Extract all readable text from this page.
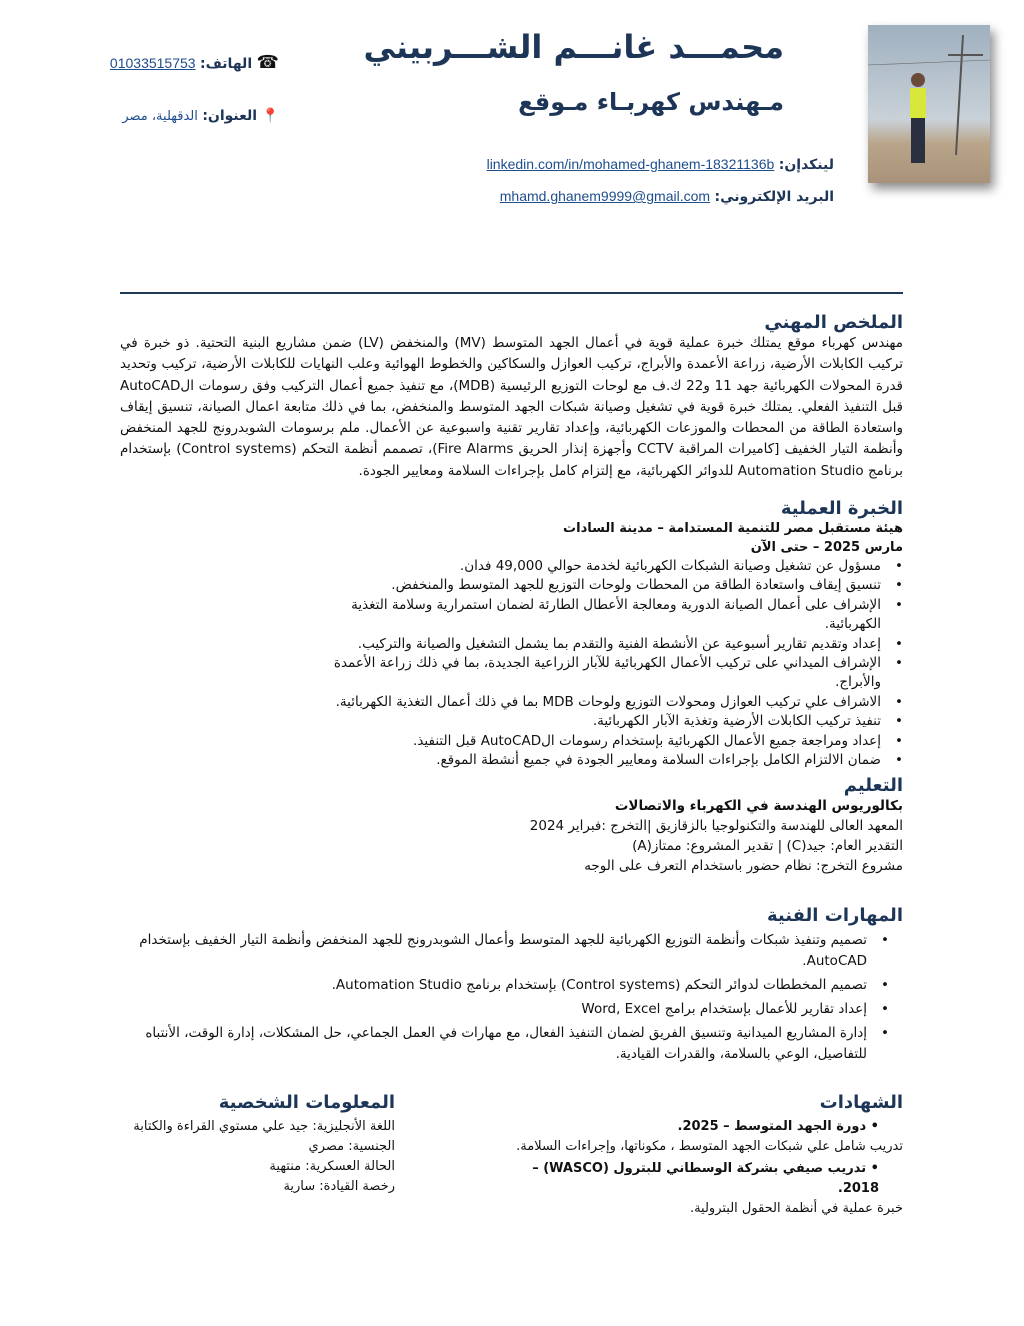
محمـــد غانـــم الشـــربيني
مـهندس كهربـاء مـوقع
☎ الهاتف: 01033515753
📍 العنوان: الدقهلية، مصر
لينكدإن: linkedin.com/in/mohamed-ghanem-18321136b
البريد الإلكتروني: mhamd.ghanem9999@gmail.com
الملخص المهني
مهندس كهرباء موقع يمتلك خبرة عملية قوية في أعمال الجهد المتوسط (MV) والمنخفض (LV) ضمن مشاريع البنية التحتية. ذو خبرة في تركيب الكابلات الأرضية، زراعة الأعمدة والأبراج، تركيب العوازل والسكاكين والخطوط الهوائية وعلب النهايات للكابلات الأرضية، تركيب وتحديد قدرة المحولات الكهربائية جهد 11 و22 ك.ف مع لوحات التوزيع الرئيسية (MDB)، مع تنفيذ جميع أعمال التركيب وفق رسومات الAutoCAD قبل التنفيذ الفعلي. يمتلك خبرة قوية في تشغيل وصيانة شبكات الجهد المتوسط والمنخفض، بما في ذلك متابعة اعمال الصيانة، تنسيق إيقاف واستعادة الطاقة من المحطات والموزعات الكهربائية، وإعداد تقارير تقنية واسبوعية عن الأعمال. ملم برسومات الشوبدرونج للجهد المنخفض وأنظمة التيار الخفيف [كاميرات المراقبة CCTV وأجهزة إنذار الحريق Fire Alarms)، تصممم أنظمة التحكم (Control systems) بإستخدام برنامج Automation Studio للدوائر الكهربائية، مع إلتزام كامل بإجراءات السلامة ومعايير الجودة.
الخبرة العملية
هيئة مستقبل مصر للتنمية المستدامة – مدينة السادات
مارس 2025 – حتى الآن
• مسؤول عن تشغيل وصيانة الشبكات الكهربائية لخدمة حوالي 49,000 فدان.
• تنسيق إيقاف واستعادة الطاقة من المحطات ولوحات التوزيع للجهد المتوسط والمنخفض.
• الإشراف على أعمال الصيانة الدورية ومعالجة الأعطال الطارئة لضمان استمرارية وسلامة التغذية الكهربائية.
• إعداد وتقديم تقارير أسبوعية عن الأنشطة الفنية والتقدم بما يشمل التشغيل والصيانة والتركيب.
• الإشراف الميداني على تركيب الأعمال الكهربائية للآبار الزراعية الجديدة، بما في ذلك زراعة الأعمدة والأبراج.
• الاشراف علي تركيب العوازل ومحولات التوزيع ولوحات MDB بما في ذلك أعمال التغذية الكهربائية.
• تنفيذ تركيب الكابلات الأرضية وتغذية الآبار الكهربائية.
• إعداد ومراجعة جميع الأعمال الكهربائية بإستخدام رسومات الAutoCAD قبل التنفيذ.
• ضمان الالتزام الكامل بإجراءات السلامة ومعايير الجودة في جميع أنشطة الموقع.
التعليم
بكالوريوس الهندسة في الكهرباء والاتصالات
المعهد العالى للهندسة والتكنولوجيا بالزقازيق |التخرج :فبراير 2024
التقدير العام: جيد(C) | تقدير المشروع: ممتاز(A)
مشروع التخرج: نظام حضور باستخدام التعرف على الوجه
المهارات الفنية
• تصميم وتنفيذ شبكات وأنظمة التوزيع الكهربائية للجهد المتوسط وأعمال الشوبدرونج للجهد المنخفض وأنظمة التيار الخفيف بإستخدام AutoCAD.
• تصميم المخططات لدوائر التحكم (Control systems) بإستخدام برنامج Automation Studio.
• إعداد تقارير للأعمال بإستخدام برامج Word, Excel
• إدارة المشاريع الميدانية وتنسيق الفريق لضمان التنفيذ الفعال، مع مهارات في العمل الجماعي، حل المشكلات، إدارة الوقت، الأنتباه للتفاصيل، الوعي بالسلامة، والقدرات القيادية.
الشهادات
• دورة الجهد المتوسط – 2025.
تدريب شامل علي شبكات الجهد المتوسط ، مكوناتها، وإجراءات السلامة.
• تدريب صيفي بشركة الوسطاني للبترول (WASCO) – 2018.
خبرة عملية في أنظمة الحقول البترولية.
المعلومات الشخصية
اللغة الأنجليزية: جيد علي مستوي القراءة والكتابة
الجنسية: مصري
الحالة العسكرية: منتهية
رخصة القيادة: سارية
